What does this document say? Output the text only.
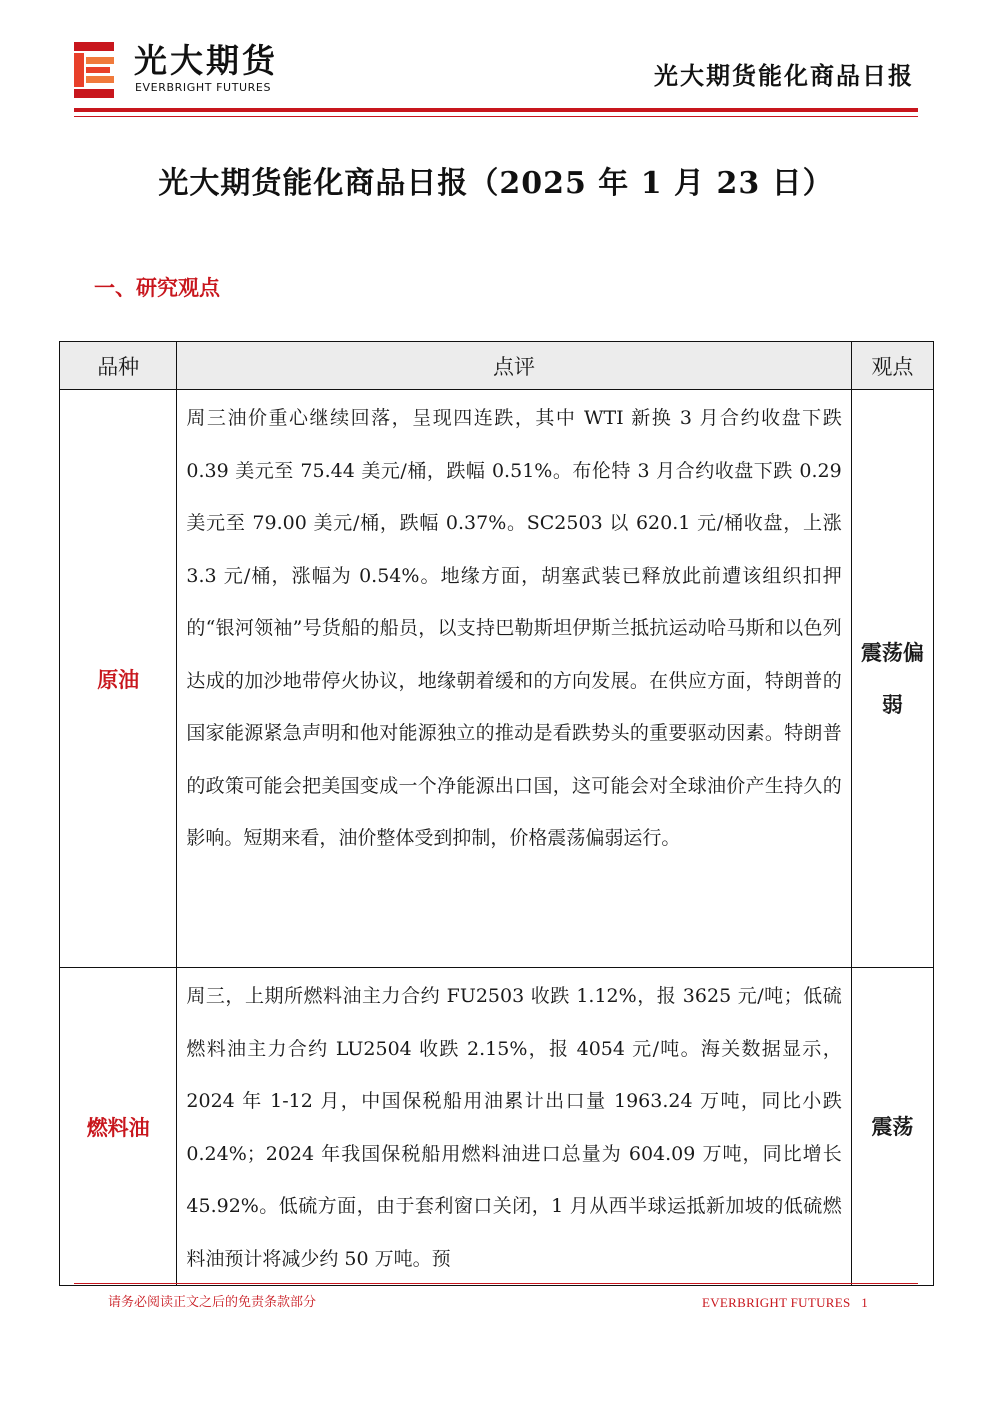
光大期货
EVERBRIGHT FUTURES	光大期货能化商品日报
光大期货能化商品日报（2025 年 1 月 23 日）
一、研究观点
品种	点评	观点
原油	周三油价重心继续回落，呈现四连跌，其中 WTI 新换 3 月合约收盘下跌 0.39 美元至 75.44 美元/桶，跌幅 0.51%。布伦特 3 月合约收盘下跌 0.29 美元至 79.00 美元/桶，跌幅 0.37%。SC2503 以 620.1 元/桶收盘，上涨 3.3 元/桶，涨幅为 0.54%。地缘方面，胡塞武装已释放此前遭该组织扣押的“银河领袖”号货船的船员，以支持巴勒斯坦伊斯兰抵抗运动哈马斯和以色列达成的加沙地带停火协议，地缘朝着缓和的方向发展。在供应方面，特朗普的国家能源紧急声明和他对能源独立的推动是看跌势头的重要驱动因素。特朗普的政策可能会把美国变成一个净能源出口国，这可能会对全球油价产生持久的影响。短期来看，油价整体受到抑制，价格震荡偏弱运行。	震荡偏弱
燃料油	周三，上期所燃料油主力合约 FU2503 收跌 1.12%，报 3625 元/吨；低硫燃料油主力合约 LU2504 收跌 2.15%，报 4054 元/吨。海关数据显示，2024 年 1-12 月，中国保税船用油累计出口量 1963.24 万吨，同比小跌 0.24%；2024 年我国保税船用燃料油进口总量为 604.09 万吨，同比增长 45.92%。低硫方面，由于套利窗口关闭，1 月从西半球运抵新加坡的低硫燃料油预计将减少约 50 万吨。预	震荡
请务必阅读正文之后的免责条款部分	EVERBRIGHT FUTURES 1
